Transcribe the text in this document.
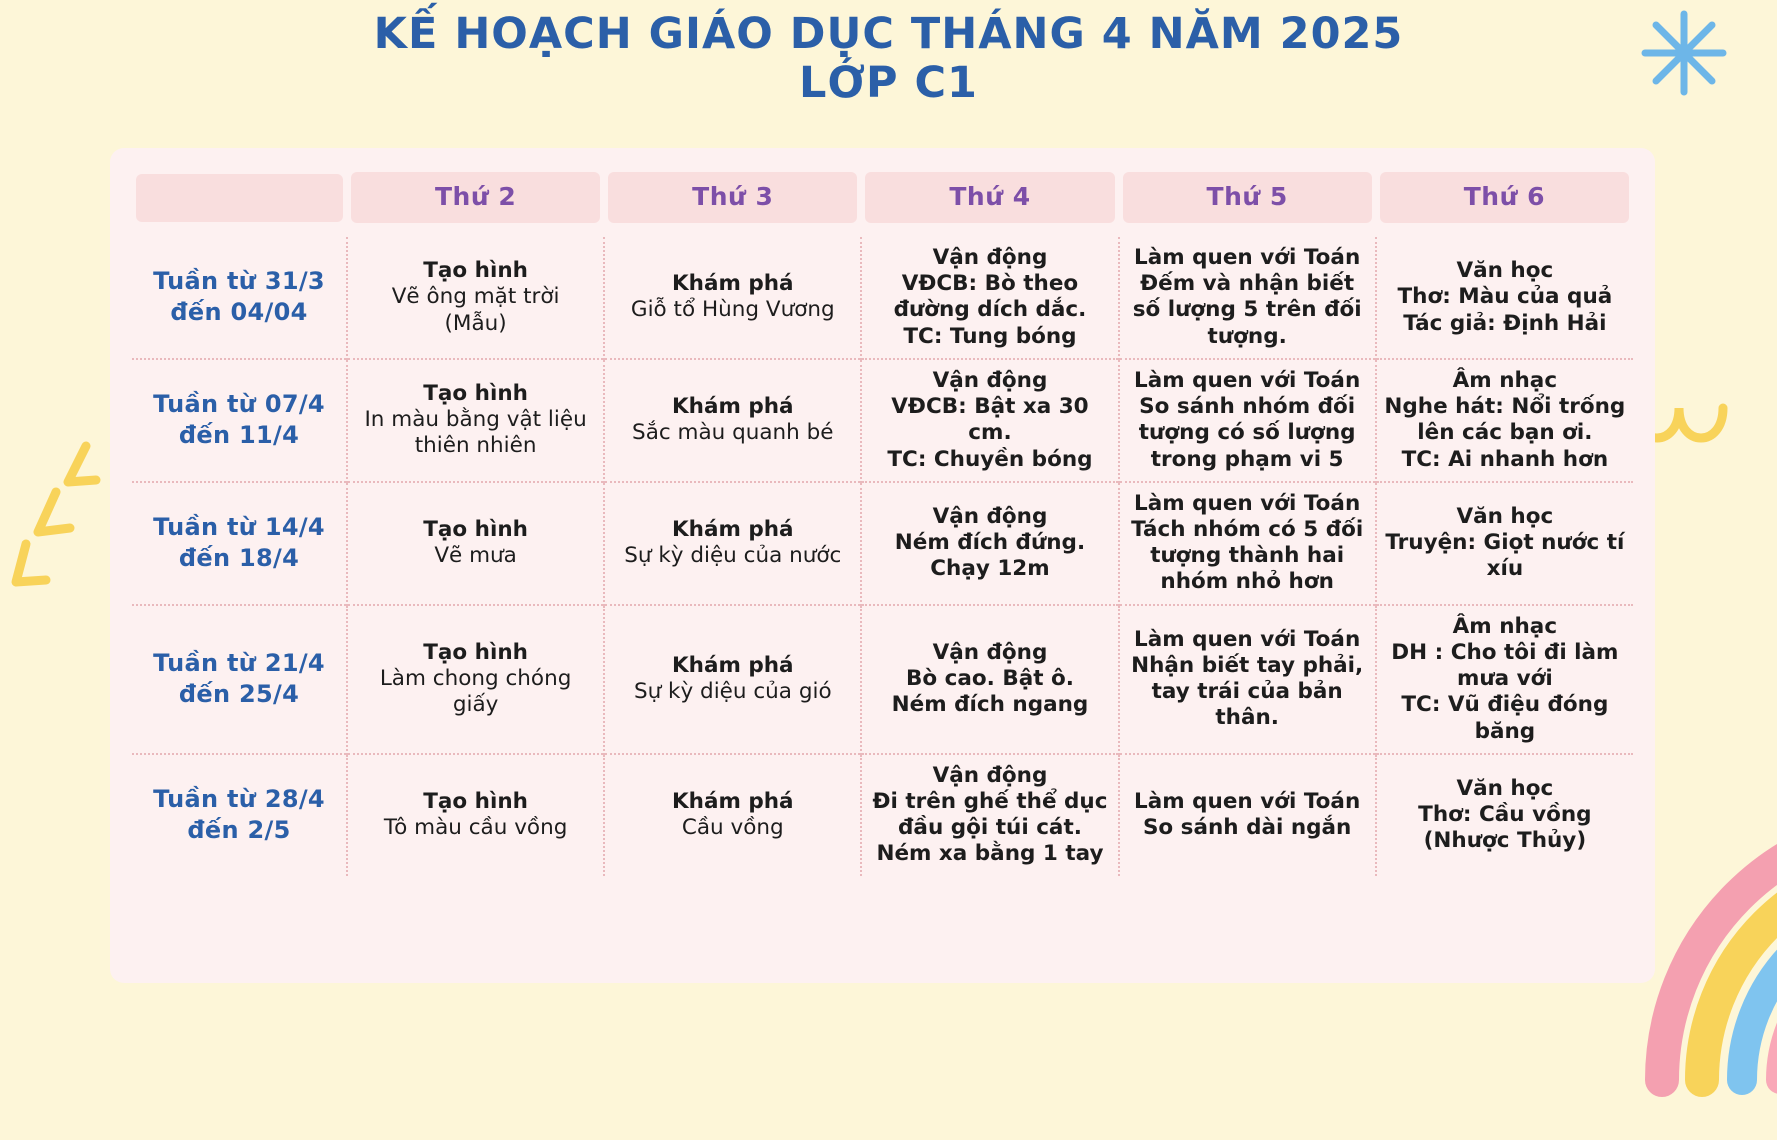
KẾ HOẠCH GIÁO DỤC THÁNG 4 NĂM 2025
LỚP C1

	Thứ 2	Thứ 3	Thứ 4	Thứ 5	Thứ 6

Tuần từ 31/3 đến 04/04	Tạo hình
Vẽ ông mặt trời
(Mẫu)	Khám phá
Giỗ tổ Hùng Vương	Vận động
VĐCB: Bò theo đường dích dắc.
TC: Tung bóng	Làm quen với Toán
Đếm và nhận biết số lượng 5 trên đối tượng.	Văn học
Thơ: Màu của quả
Tác giả: Định Hải

Tuần từ 07/4 đến 11/4	Tạo hình
In màu bằng vật liệu thiên nhiên	Khám phá
Sắc màu quanh bé	Vận động
VĐCB: Bật xa 30 cm.
TC: Chuyền bóng	Làm quen với Toán
So sánh nhóm đối tượng có số lượng trong phạm vi 5	Âm nhạc
Nghe hát: Nổi trống lên các bạn ơi.
TC: Ai nhanh hơn

Tuần từ 14/4 đến 18/4	Tạo hình
Vẽ mưa	Khám phá
Sự kỳ diệu của nước	Vận động
Ném đích đứng.
Chạy 12m	Làm quen với Toán
Tách nhóm có 5 đối tượng thành hai nhóm nhỏ hơn	Văn học
Truyện: Giọt nước tí xíu

Tuần từ 21/4 đến 25/4	Tạo hình
Làm chong chóng giấy	Khám phá
Sự kỳ diệu của gió	Vận động
Bò cao. Bật ô.
Ném đích ngang	Làm quen với Toán
Nhận biết tay phải, tay trái của bản thân.	Âm nhạc
DH : Cho tôi đi làm mưa với
TC: Vũ điệu đóng băng

Tuần từ 28/4 đến 2/5	Tạo hình
Tô màu cầu vồng	Khám phá
Cầu vồng	Vận động
Đi trên ghế thể dục đầu gội túi cát. Ném xa bằng 1 tay	Làm quen với Toán
So sánh dài ngắn	Văn học
Thơ: Cầu vồng
(Nhược Thủy)
